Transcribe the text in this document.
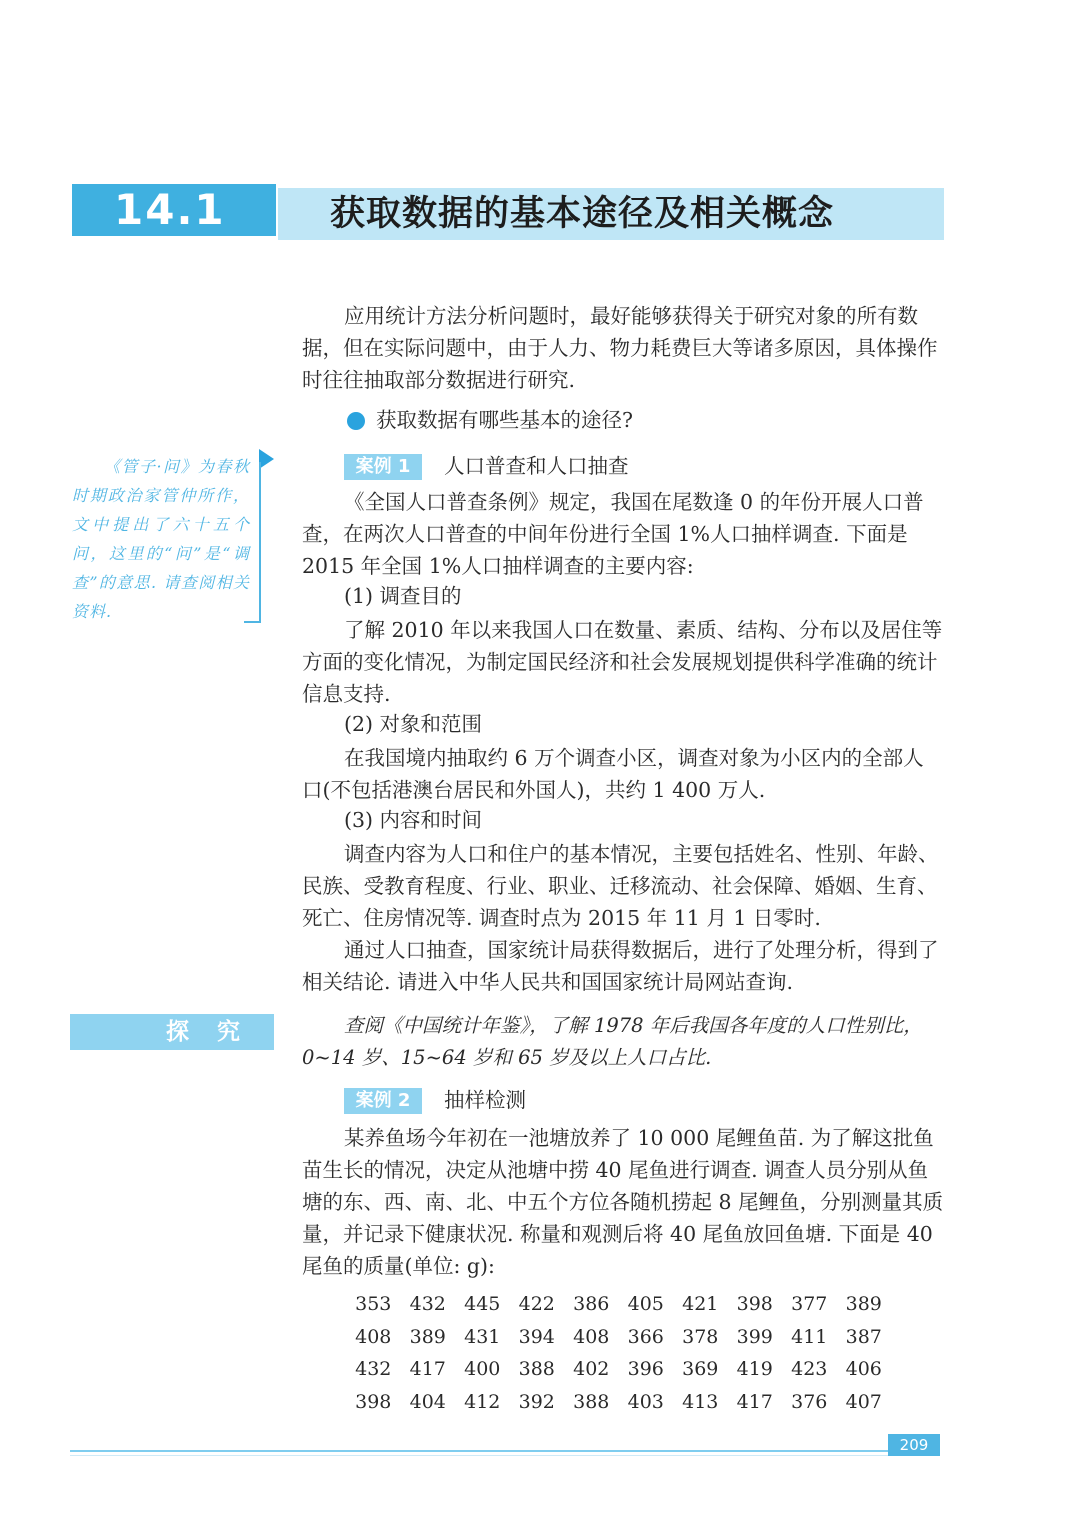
14.1	获取数据的基本途径及相关概念
应用统计方法分析问题时，最好能够获得关于研究对象的所有数据，但在实际问题中，由于人力、物力耗费巨大等诸多原因，具体操作时往往抽取部分数据进行研究.
获取数据有哪些基本的途径?
《管子·问》为春秋时期政治家管仲所作，文中提出了六十五个问，这里的“问”是“调查”的意思. 请查阅相关资料.
案例 1	人口普查和人口抽查
《全国人口普查条例》规定，我国在尾数逢 0 的年份开展人口普查，在两次人口普查的中间年份进行全国 1%人口抽样调查. 下面是 2015 年全国 1%人口抽样调查的主要内容:
(1) 调查目的
了解 2010 年以来我国人口在数量、素质、结构、分布以及居住等方面的变化情况，为制定国民经济和社会发展规划提供科学准确的统计信息支持.
(2) 对象和范围
在我国境内抽取约 6 万个调查小区，调查对象为小区内的全部人口(不包括港澳台居民和外国人)，共约 1 400 万人.
(3) 内容和时间
调查内容为人口和住户的基本情况，主要包括姓名、性别、年龄、民族、受教育程度、行业、职业、迁移流动、社会保障、婚姻、生育、死亡、住房情况等. 调查时点为 2015 年 11 月 1 日零时.
通过人口抽查，国家统计局获得数据后，进行了处理分析，得到了相关结论. 请进入中华人民共和国国家统计局网站查询.
探 究	查阅《中国统计年鉴》，了解 1978 年后我国各年度的人口性别比，0~14 岁、15~64 岁和 65 岁及以上人口占比.
案例 2	抽样检测
某养鱼场今年初在一池塘放养了 10 000 尾鲤鱼苗. 为了解这批鱼苗生长的情况，决定从池塘中捞 40 尾鱼进行调查. 调查人员分别从鱼塘的东、西、南、北、中五个方位各随机捞起 8 尾鲤鱼，分别测量其质量，并记录下健康状况. 称量和观测后将 40 尾鱼放回鱼塘. 下面是 40 尾鱼的质量(单位: g):
353	432	445	422	386	405	421	398	377	389
408	389	431	394	408	366	378	399	411	387
432	417	400	388	402	396	369	419	423	406
398	404	412	392	388	403	413	417	376	407
209
